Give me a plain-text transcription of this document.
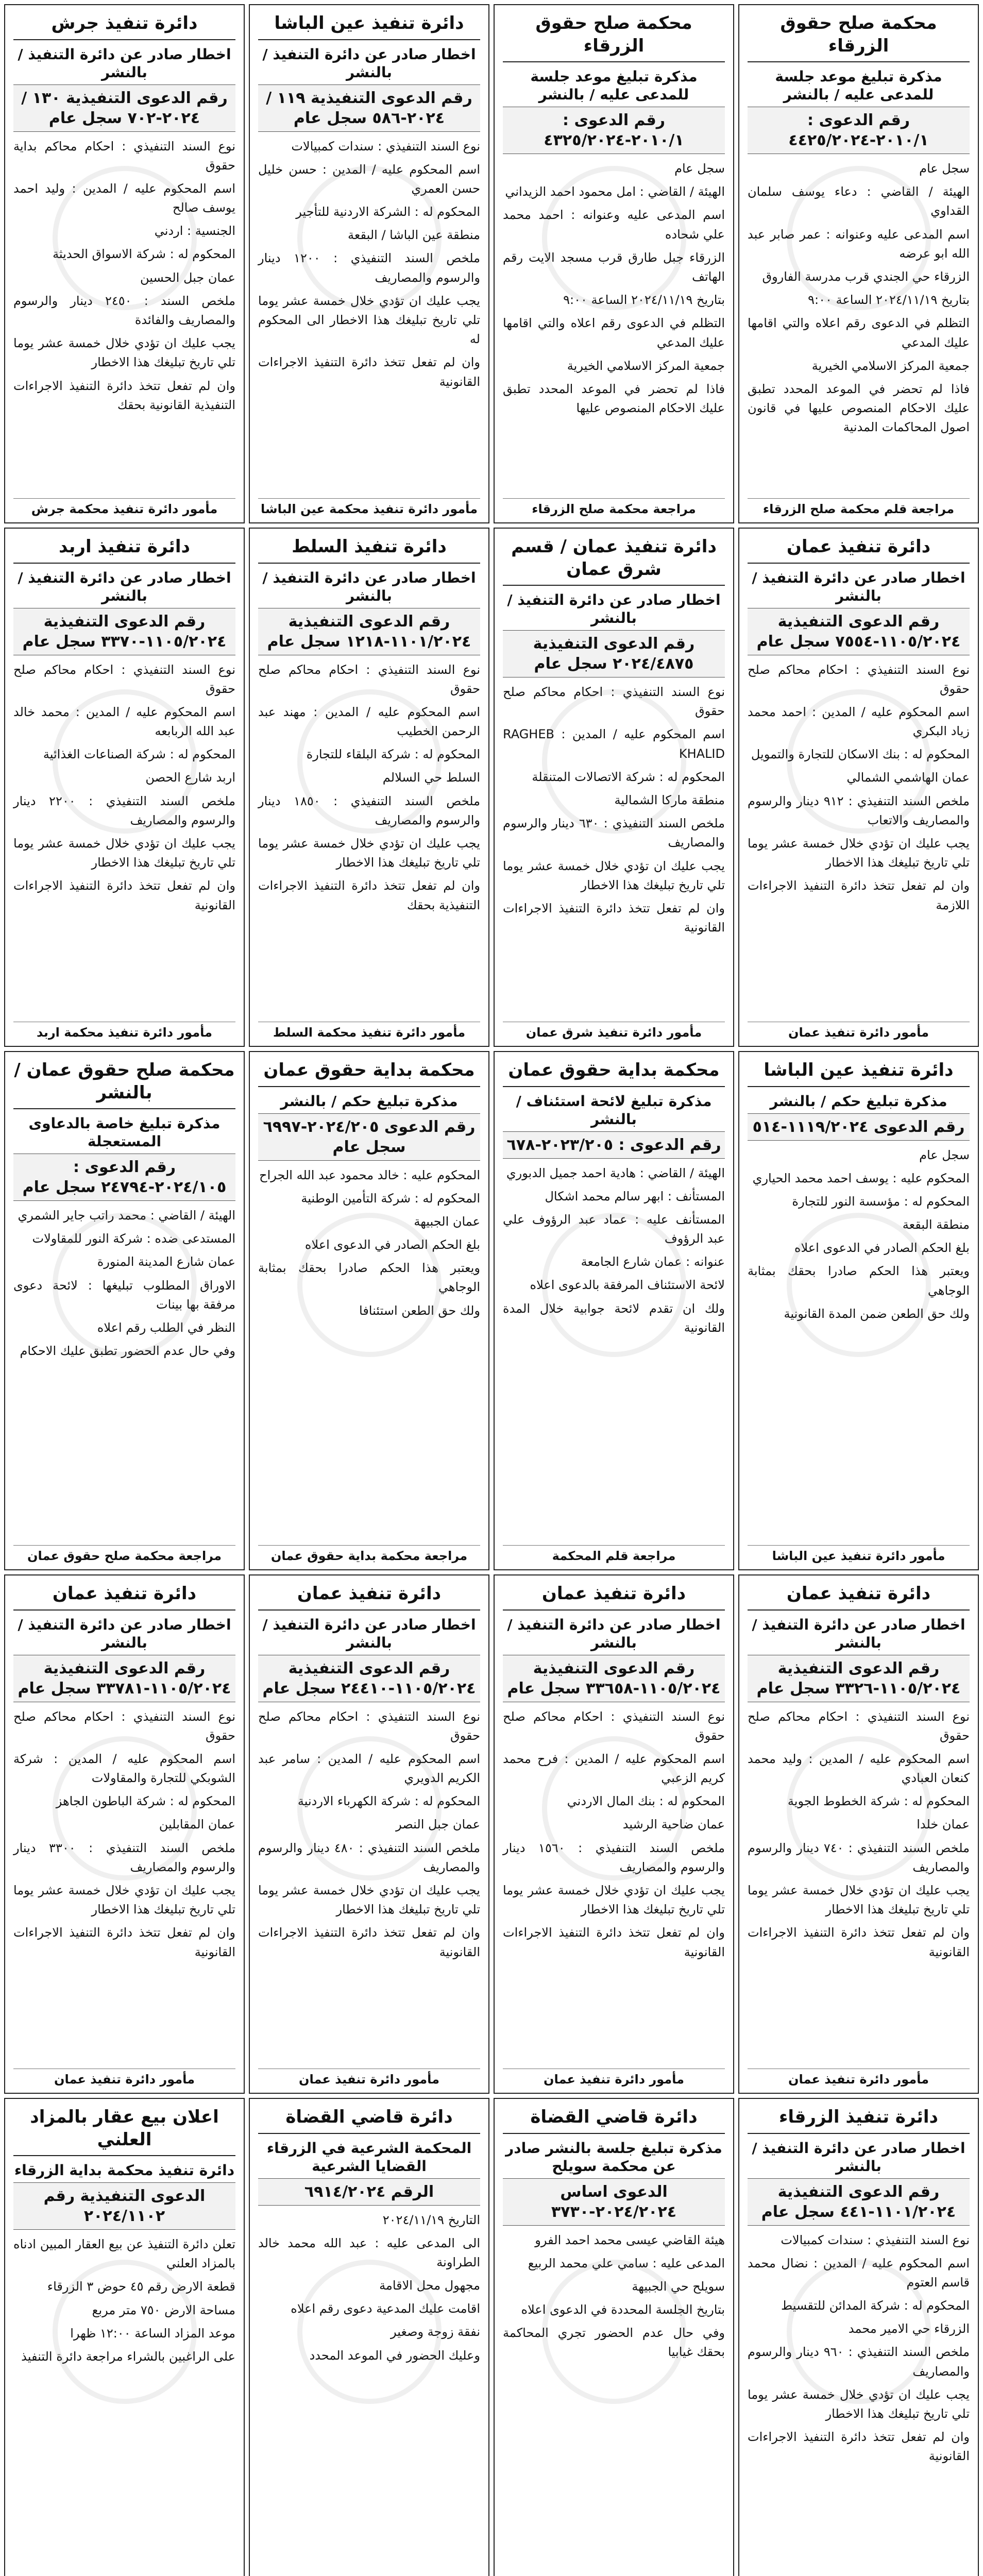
محكمة صلح حقوق الزرقاء
مذكرة تبليغ موعد جلسة للمدعى عليه / بالنشر
رقم الدعوى : ٢٠١٠/١-٤٤٢٥/٢٠٢٤

سجل عام

الهيئة / القاضي : دعاء يوسف سلمان القداوي

اسم المدعى عليه وعنوانه : عمر صابر عبد الله ابو عرضه

الزرقاء حي الجندي قرب مدرسة الفاروق

بتاريخ ٢٠٢٤/١١/١٩ الساعة ٩:٠٠

التظلم في الدعوى رقم اعلاه والتي اقامها عليك المدعي

جمعية المركز الاسلامي الخيرية

فاذا لم تحضر في الموعد المحدد تطبق عليك الاحكام المنصوص عليها في قانون اصول المحاكمات المدنية

مراجعة قلم محكمة صلح الزرقاء
محكمة صلح حقوق الزرقاء
مذكرة تبليغ موعد جلسة للمدعى عليه / بالنشر
رقم الدعوى : ٢٠١٠/١-٤٣٢٥/٢٠٢٤

سجل عام

الهيئة / القاضي : امل محمود احمد الزيداني

اسم المدعى عليه وعنوانه : احمد محمد علي شحاده

الزرقاء جبل طارق قرب مسجد الايت رقم الهاتف

بتاريخ ٢٠٢٤/١١/١٩ الساعة ٩:٠٠

التظلم في الدعوى رقم اعلاه والتي اقامها عليك المدعي

جمعية المركز الاسلامي الخيرية

فاذا لم تحضر في الموعد المحدد تطبق عليك الاحكام المنصوص عليها

مراجعة محكمة صلح الزرقاء
دائرة تنفيذ عين الباشا
اخطار صادر عن دائرة التنفيذ / بالنشر
رقم الدعوى التنفيذية ١١٩ / ٢٠٢٤-٥٨٦ سجل عام

نوع السند التنفيذي : سندات كمبيالات

اسم المحكوم عليه / المدين : حسن خليل حسن العمري

المحكوم له : الشركة الاردنية للتأجير

منطقة عين الباشا / البقعة

ملخص السند التنفيذي : ١٢٠٠ دينار والرسوم والمصاريف

يجب عليك ان تؤدي خلال خمسة عشر يوما تلي تاريخ تبليغك هذا الاخطار الى المحكوم له

وان لم تفعل تتخذ دائرة التنفيذ الاجراءات القانونية

مأمور دائرة تنفيذ محكمة عين الباشا
دائرة تنفيذ جرش
اخطار صادر عن دائرة التنفيذ / بالنشر
رقم الدعوى التنفيذية ١٣٠ / ٢٠٢٤-٧٠٢ سجل عام

نوع السند التنفيذي : احكام محاكم بداية حقوق

اسم المحكوم عليه / المدين : وليد احمد يوسف صالح

الجنسية : اردني

المحكوم له : شركة الاسواق الحديثة

عمان جبل الحسين

ملخص السند : ٢٤٥٠ دينار والرسوم والمصاريف والفائدة

يجب عليك ان تؤدي خلال خمسة عشر يوما تلي تاريخ تبليغك هذا الاخطار

وان لم تفعل تتخذ دائرة التنفيذ الاجراءات التنفيذية القانونية بحقك

مأمور دائرة تنفيذ محكمة جرش
دائرة تنفيذ عمان
اخطار صادر عن دائرة التنفيذ / بالنشر
رقم الدعوى التنفيذية ١١٠٥/٢٠٢٤-٧٥٥٤ سجل عام

نوع السند التنفيذي : احكام محاكم صلح حقوق

اسم المحكوم عليه / المدين : احمد محمد زياد البكري

المحكوم له : بنك الاسكان للتجارة والتمويل

عمان الهاشمي الشمالي

ملخص السند التنفيذي : ٩١٢ دينار والرسوم والمصاريف والاتعاب

يجب عليك ان تؤدي خلال خمسة عشر يوما تلي تاريخ تبليغك هذا الاخطار

وان لم تفعل تتخذ دائرة التنفيذ الاجراءات اللازمة

مأمور دائرة تنفيذ عمان
دائرة تنفيذ عمان / قسم شرق عمان
اخطار صادر عن دائرة التنفيذ / بالنشر
رقم الدعوى التنفيذية ٢٠٢٤/٤٨٧٥ سجل عام

نوع السند التنفيذي : احكام محاكم صلح حقوق

اسم المحكوم عليه / المدين : RAGHEB KHALID

المحكوم له : شركة الاتصالات المتنقلة

منطقة ماركا الشمالية

ملخص السند التنفيذي : ٦٣٠ دينار والرسوم والمصاريف

يجب عليك ان تؤدي خلال خمسة عشر يوما تلي تاريخ تبليغك هذا الاخطار

وان لم تفعل تتخذ دائرة التنفيذ الاجراءات القانونية

مأمور دائرة تنفيذ شرق عمان
دائرة تنفيذ السلط
اخطار صادر عن دائرة التنفيذ / بالنشر
رقم الدعوى التنفيذية ١١٠١/٢٠٢٤-١٢١٨ سجل عام

نوع السند التنفيذي : احكام محاكم صلح حقوق

اسم المحكوم عليه / المدين : مهند عبد الرحمن الخطيب

المحكوم له : شركة البلقاء للتجارة

السلط حي السلالم

ملخص السند التنفيذي : ١٨٥٠ دينار والرسوم والمصاريف

يجب عليك ان تؤدي خلال خمسة عشر يوما تلي تاريخ تبليغك هذا الاخطار

وان لم تفعل تتخذ دائرة التنفيذ الاجراءات التنفيذية بحقك

مأمور دائرة تنفيذ محكمة السلط
دائرة تنفيذ اربد
اخطار صادر عن دائرة التنفيذ / بالنشر
رقم الدعوى التنفيذية ١١٠٥/٢٠٢٤-٣٣٧٠ سجل عام

نوع السند التنفيذي : احكام محاكم صلح حقوق

اسم المحكوم عليه / المدين : محمد خالد عبد الله الربابعه

المحكوم له : شركة الصناعات الغذائية

اربد شارع الحصن

ملخص السند التنفيذي : ٢٢٠٠ دينار والرسوم والمصاريف

يجب عليك ان تؤدي خلال خمسة عشر يوما تلي تاريخ تبليغك هذا الاخطار

وان لم تفعل تتخذ دائرة التنفيذ الاجراءات القانونية

مأمور دائرة تنفيذ محكمة اربد
دائرة تنفيذ عين الباشا
مذكرة تبليغ حكم / بالنشر
رقم الدعوى ١١١٩/٢٠٢٤-٥١٤

سجل عام

المحكوم عليه : يوسف احمد محمد الحياري

المحكوم له : مؤسسة النور للتجارة

منطقة البقعة

بلغ الحكم الصادر في الدعوى اعلاه

ويعتبر هذا الحكم صادرا بحقك بمثابة الوجاهي

ولك حق الطعن ضمن المدة القانونية

مأمور دائرة تنفيذ عين الباشا
محكمة بداية حقوق عمان
مذكرة تبليغ لائحة استئناف / بالنشر
رقم الدعوى : ٢٠٢٣/٢٠٥-٦٧٨

الهيئة / القاضي : هادية احمد جميل الدبوري

المستأنف : ابهر سالم محمد اشكال

المستأنف عليه : عماد عبد الرؤوف علي عبد الرؤوف

عنوانه : عمان شارع الجامعة

لائحة الاستئناف المرفقة بالدعوى اعلاه

ولك ان تقدم لائحة جوابية خلال المدة القانونية

مراجعة قلم المحكمة
محكمة بداية حقوق عمان
مذكرة تبليغ حكم / بالنشر
رقم الدعوى ٢٠٢٤/٢٠٥-٦٩٩٧ سجل عام

المحكوم عليه : خالد محمود عبد الله الجراح

المحكوم له : شركة التأمين الوطنية

عمان الجبيهة

بلغ الحكم الصادر في الدعوى اعلاه

ويعتبر هذا الحكم صادرا بحقك بمثابة الوجاهي

ولك حق الطعن استئنافا

مراجعة محكمة بداية حقوق عمان
محكمة صلح حقوق عمان / بالنشر
مذكرة تبليغ خاصة بالدعاوى المستعجلة
رقم الدعوى : ٢٠٢٤/١٠٥-٢٤٧٩٤ سجل عام

الهيئة / القاضي : محمد راتب جاير الشمري

المستدعى ضده : شركة النور للمقاولات

عمان شارع المدينة المنورة

الاوراق المطلوب تبليغها : لائحة دعوى مرفقة بها بينات

النظر في الطلب رقم اعلاه

وفي حال عدم الحضور تطبق عليك الاحكام

مراجعة محكمة صلح حقوق عمان
دائرة تنفيذ عمان
اخطار صادر عن دائرة التنفيذ / بالنشر
رقم الدعوى التنفيذية ١١٠٥/٢٠٢٤-٣٣٢٦ سجل عام

نوع السند التنفيذي : احكام محاكم صلح حقوق

اسم المحكوم عليه / المدين : وليد محمد كنعان العبادي

المحكوم له : شركة الخطوط الجوية

عمان خلدا

ملخص السند التنفيذي : ٧٤٠ دينار والرسوم والمصاريف

يجب عليك ان تؤدي خلال خمسة عشر يوما تلي تاريخ تبليغك هذا الاخطار

وان لم تفعل تتخذ دائرة التنفيذ الاجراءات القانونية

مأمور دائرة تنفيذ عمان
دائرة تنفيذ عمان
اخطار صادر عن دائرة التنفيذ / بالنشر
رقم الدعوى التنفيذية ١١٠٥/٢٠٢٤-٣٣٦٥٨ سجل عام

نوع السند التنفيذي : احكام محاكم صلح حقوق

اسم المحكوم عليه / المدين : فرح محمد كريم الزعبي

المحكوم له : بنك المال الاردني

عمان ضاحية الرشيد

ملخص السند التنفيذي : ١٥٦٠ دينار والرسوم والمصاريف

يجب عليك ان تؤدي خلال خمسة عشر يوما تلي تاريخ تبليغك هذا الاخطار

وان لم تفعل تتخذ دائرة التنفيذ الاجراءات القانونية

مأمور دائرة تنفيذ عمان
دائرة تنفيذ عمان
اخطار صادر عن دائرة التنفيذ / بالنشر
رقم الدعوى التنفيذية ١١٠٥/٢٠٢٤-٢٤٤١٠ سجل عام

نوع السند التنفيذي : احكام محاكم صلح حقوق

اسم المحكوم عليه / المدين : سامر عبد الكريم الدويري

المحكوم له : شركة الكهرباء الاردنية

عمان جبل النصر

ملخص السند التنفيذي : ٤٨٠ دينار والرسوم والمصاريف

يجب عليك ان تؤدي خلال خمسة عشر يوما تلي تاريخ تبليغك هذا الاخطار

وان لم تفعل تتخذ دائرة التنفيذ الاجراءات القانونية

مأمور دائرة تنفيذ عمان
دائرة تنفيذ عمان
اخطار صادر عن دائرة التنفيذ / بالنشر
رقم الدعوى التنفيذية ١١٠٥/٢٠٢٤-٣٣٧٨١ سجل عام

نوع السند التنفيذي : احكام محاكم صلح حقوق

اسم المحكوم عليه / المدين : شركة الشوبكي للتجارة والمقاولات

المحكوم له : شركة الباطون الجاهز

عمان المقابلين

ملخص السند التنفيذي : ٣٣٠٠ دينار والرسوم والمصاريف

يجب عليك ان تؤدي خلال خمسة عشر يوما تلي تاريخ تبليغك هذا الاخطار

وان لم تفعل تتخذ دائرة التنفيذ الاجراءات القانونية

مأمور دائرة تنفيذ عمان
دائرة تنفيذ الزرقاء
اخطار صادر عن دائرة التنفيذ / بالنشر
رقم الدعوى التنفيذية ١١٠١/٢٠٢٤-٤٤١ سجل عام

نوع السند التنفيذي : سندات كمبيالات

اسم المحكوم عليه / المدين : نضال محمد قاسم العتوم

المحكوم له : شركة المدائن للتقسيط

الزرقاء حي الامير محمد

ملخص السند التنفيذي : ٩٦٠ دينار والرسوم والمصاريف

يجب عليك ان تؤدي خلال خمسة عشر يوما تلي تاريخ تبليغك هذا الاخطار

وان لم تفعل تتخذ دائرة التنفيذ الاجراءات القانونية

دائرة قاضي القضاة
مذكرة تبليغ جلسة بالنشر صادر عن محكمة سويلح
الدعوى اساس ٢٠٢٤/٢٠٢٤-٣٧٣٠

هيئة القاضي عيسى محمد احمد الفرو

المدعى عليه : سامي علي محمد الربيع

سويلح حي الجبيهة

بتاريخ الجلسة المحددة في الدعوى اعلاه

وفي حال عدم الحضور تجري المحاكمة بحقك غيابيا

دائرة قاضي القضاة
المحكمة الشرعية في الزرقاء القضايا الشرعية
الرقم ٦٩١٤/٢٠٢٤

التاريخ ٢٠٢٤/١١/١٩

الى المدعى عليه : عبد الله محمد خالد الطراونة

مجهول محل الاقامة

اقامت عليك المدعية دعوى رقم اعلاه

نفقة زوجة وصغير

وعليك الحضور في الموعد المحدد

اعلان بيع عقار بالمزاد العلني
دائرة تنفيذ محكمة بداية الزرقاء
الدعوى التنفيذية رقم ٢٠٢٤/١١٠٢

تعلن دائرة التنفيذ عن بيع العقار المبين ادناه بالمزاد العلني

قطعة الارض رقم ٤٥ حوض ٣ الزرقاء

مساحة الارض ٧٥٠ متر مربع

موعد المزاد الساعة ١٢:٠٠ ظهرا

على الراغبين بالشراء مراجعة دائرة التنفيذ
